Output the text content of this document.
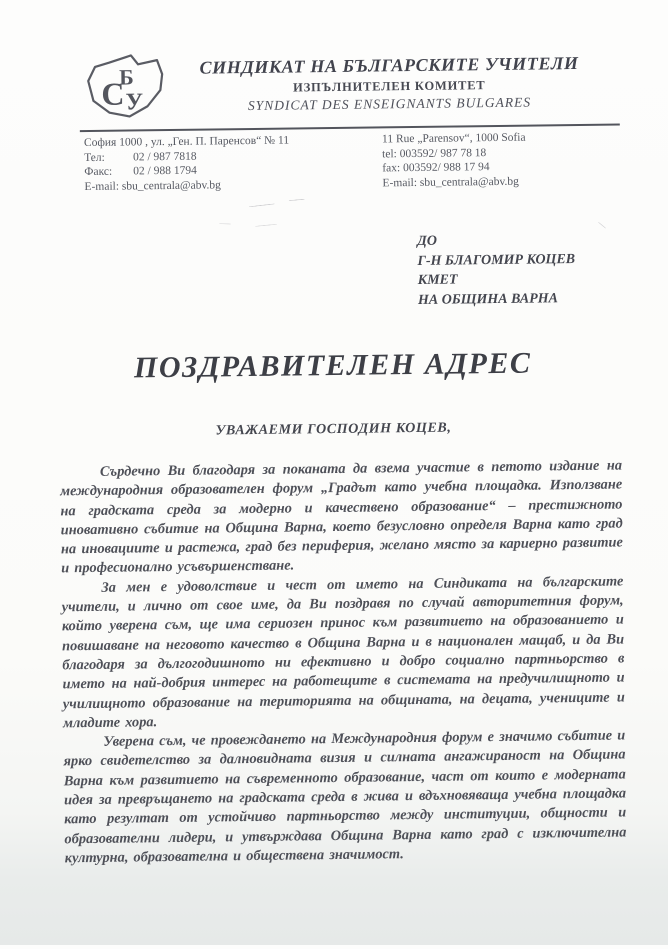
Б
С У
СИНДИКАТ НА БЪЛГАРСКИТЕ УЧИТЕЛИ
ИЗПЪЛНИТЕЛЕН КОМИТЕТ
SYNDICAT DES ENSEIGNANTS BULGARES
София 1000 , ул. „Ген. П. Паренсов“ № 11
Тел: 02 / 987 7818
Факс: 02 / 988 1794
E-mail: sbu_centrala@abv.bg
11 Rue „Parensov“, 1000 Sofia
tel: 003592/ 987 78 18
fax: 003592/ 988 17 94
E-mail: sbu_centrala@abv.bg
ДО
Г-Н БЛАГОМИР КОЦЕВ
КМЕТ
НА ОБЩИНА ВАРНА
ПОЗДРАВИТЕЛЕН АДРЕС
УВАЖАЕМИ ГОСПОДИН КОЦЕВ,

Сърдечно Ви благодаря за поканата да взема участие в петото издание на международния образователен форум „Градът като учебна площадка. Използване на градската среда за модерно и качествено образование“ – престижното иновативно събитие на Община Варна, което безусловно определя Варна като град на иновациите и растежа, град без периферия, желано място за кариерно развитие и професионално усъвършенстване.

За мен е удоволствие и чест от името на Синдиката на българските учители, и лично от свое име, да Ви поздравя по случай авторитетния форум, който уверена съм, ще има сериозен принос към развитието на образованието и повишаване на неговото качество в Община Варна и в национален мащаб, и да Ви благодаря за дългогодишното ни ефективно и добро социално партньорство в името на най-добрия интерес на работещите в системата на предучилищното и училищното образование на територията на общината, на децата, учениците и младите хора.

Уверена съм, че провеждането на Международния форум е значимо събитие и ярко свидетелство за далновидната визия и силната ангажираност на Община Варна към развитието на съвременното образование, част от които е модерната идея за превръщането на градската среда в жива и вдъхновяваща учебна площадка като резултат от устойчиво партньорство между институции, общности и образователни лидери, и утвърждава Община Варна като град с изключителна културна, образователна и обществена значимост.
